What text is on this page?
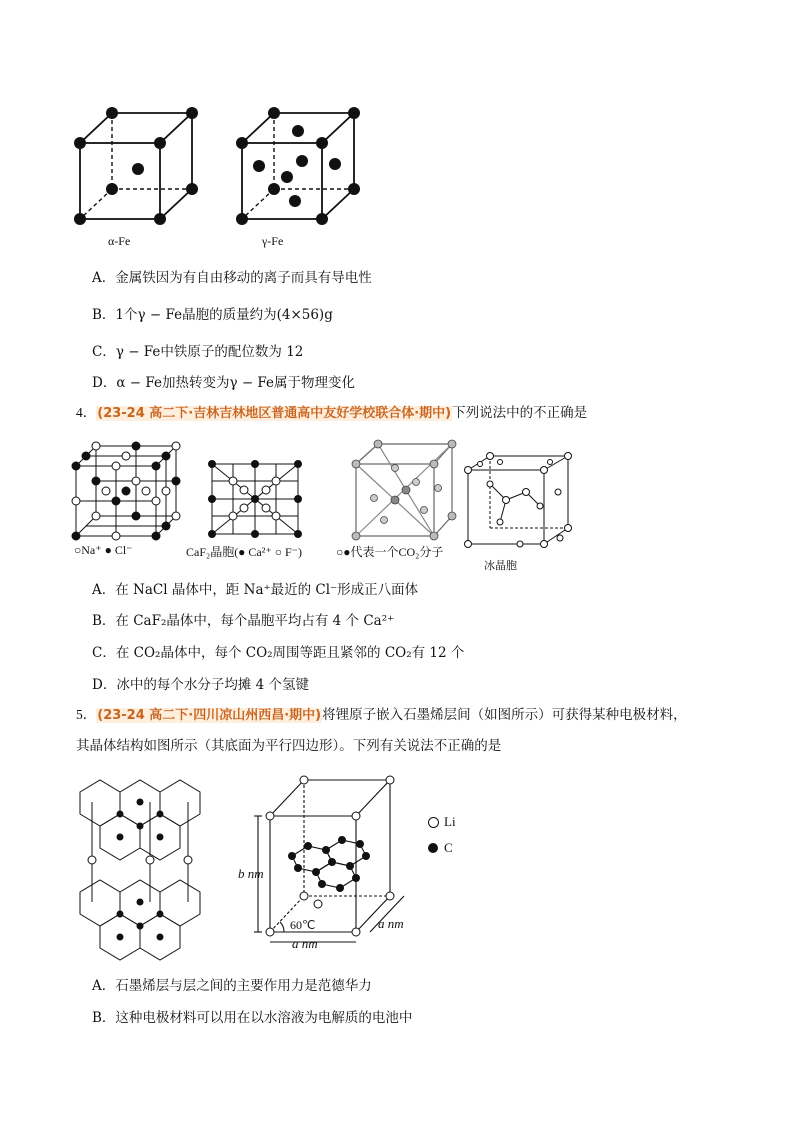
α-Fe	γ-Fe
A．金属铁因为有自由移动的离子而具有导电性
B．1个γ − Fe晶胞的质量约为(4×56)g
C．γ − Fe中铁原子的配位数为 12
D．α − Fe加热转变为γ − Fe属于物理变化
4．(23-24 高二下·吉林吉林地区普通高中友好学校联合体·期中)下列说法中的不正确是
○Na⁺ ● Cl⁻	CaF₂晶胞(● Ca²⁺ ○ F⁻)	○●代表一个CO₂分子
冰晶胞
A．在 NaCl 晶体中，距 Na⁺最近的 Cl⁻形成正八面体
B．在 CaF₂晶体中，每个晶胞平均占有 4 个 Ca²⁺
C．在 CO₂晶体中，每个 CO₂周围等距且紧邻的 CO₂有 12 个
D．冰中的每个水分子均摊 4 个氢键
5．(23-24 高二下·四川凉山州西昌·期中)将锂原子嵌入石墨烯层间（如图所示）可获得某种电极材料，
其晶体结构如图所示（其底面为平行四边形）。下列有关说法不正确的是
b nm
a nm
a nm
60℃
Li
C
A．石墨烯层与层之间的主要作用力是范德华力
B．这种电极材料可以用在以水溶液为电解质的电池中
